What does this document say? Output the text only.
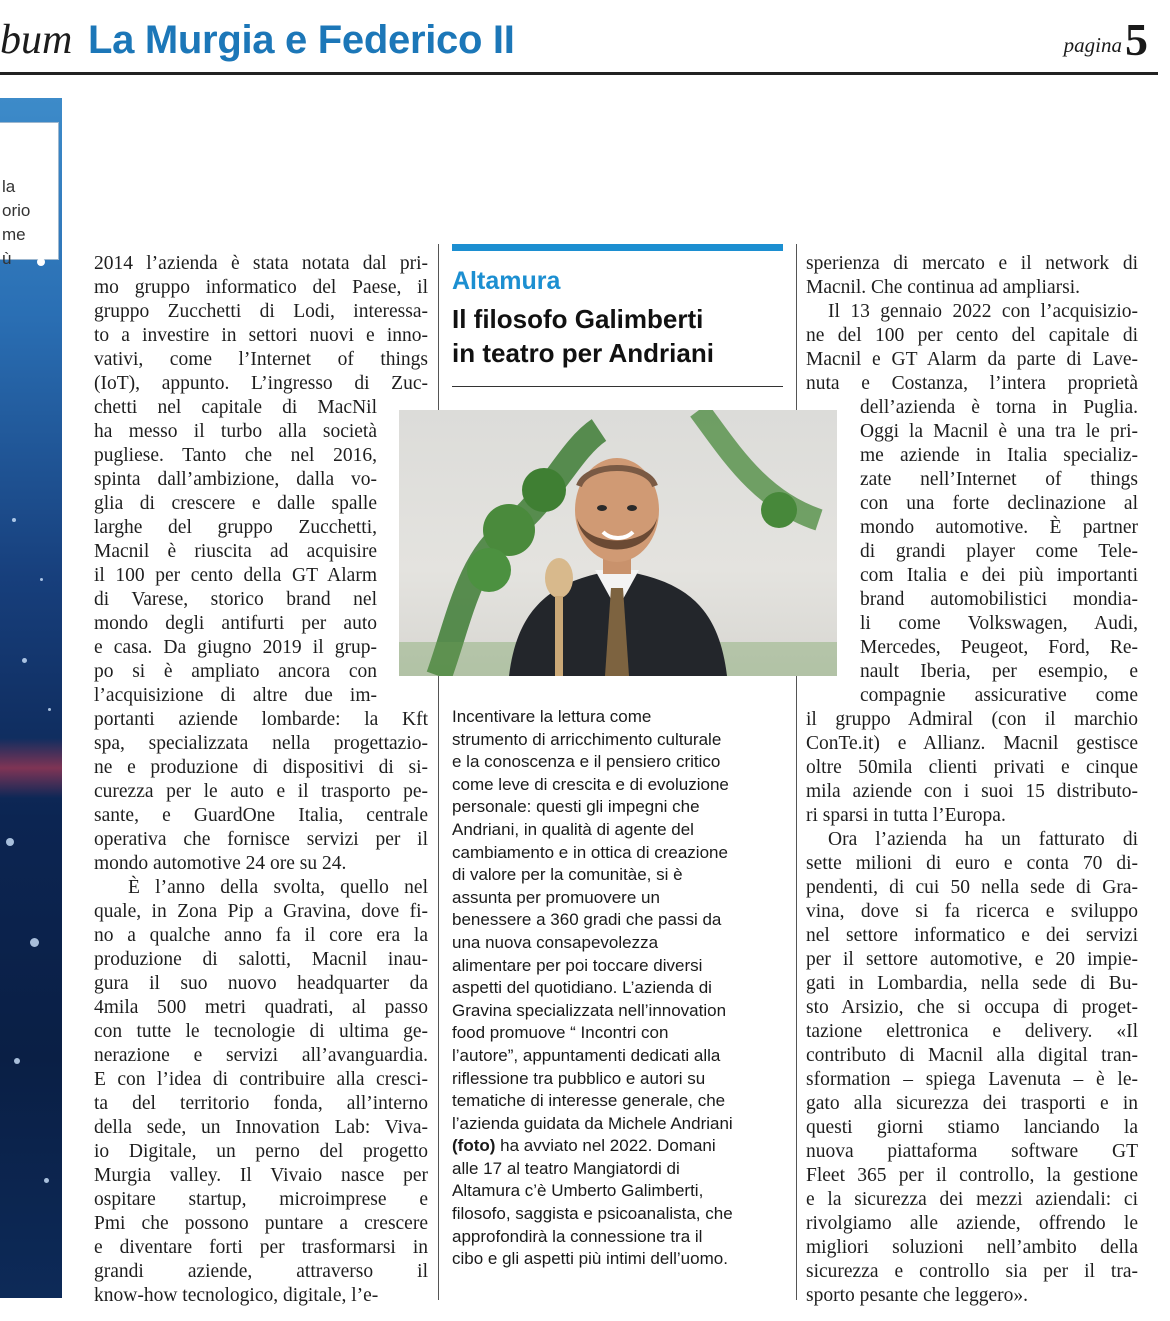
bum La Murgia e Federico II	pagina 5
la
orio
me
ù	2014 l’azienda è stata notata dal pri-
mo gruppo informatico del Paese, il
gruppo Zucchetti di Lodi, interessa-
to a investire in settori nuovi e inno-
vativi, come l’Internet of things
(IoT), appunto. L’ingresso di Zuc-
chetti nel capitale di MacNil
ha messo il turbo alla società
pugliese. Tanto che nel 2016,
spinta dall’ambizione, dalla vo-
glia di crescere e dalle spalle
larghe del gruppo Zucchetti,
Macnil è riuscita ad acquisire
il 100 per cento della GT Alarm
di Varese, storico brand nel
mondo degli antifurti per auto
e casa. Da giugno 2019 il grup-
po si è ampliato ancora con
l’acquisizione di altre due im-
portanti aziende lombarde: la Kft
spa, specializzata nella progettazio-
ne e produzione di dispositivi di si-
curezza per le auto e il trasporto pe-
sante, e GuardOne Italia, centrale
operativa che fornisce servizi per il
mondo automotive 24 ore su 24.
È l’anno della svolta, quello nel
quale, in Zona Pip a Gravina, dove fi-
no a qualche anno fa il core era la
produzione di salotti, Macnil inau-
gura il suo nuovo headquarter da
4mila 500 metri quadrati, al passo
con tutte le tecnologie di ultima ge-
nerazione e servizi all’avanguardia.
E con l’idea di contribuire alla cresci-
ta del territorio fonda, all’interno
della sede, un Innovation Lab: Viva-
io Digitale, un perno del progetto
Murgia valley. Il Vivaio nasce per
ospitare startup, microimprese e
Pmi che possono puntare a crescere
e diventare forti per trasformarsi in
grandi aziende, attraverso il
know-how tecnologico, digitale, l’e-
Altamura
Il filosofo Galimberti
in teatro per Andriani
Incentivare la lettura come
strumento di arricchimento culturale
e la conoscenza e il pensiero critico
come leve di crescita e di evoluzione
personale: questi gli impegni che
Andriani, in qualità di agente del
cambiamento e in ottica di creazione
di valore per la comunitàe, si è
assunta per promuovere un
benessere a 360 gradi che passi da
una nuova consapevolezza
alimentare per poi toccare diversi
aspetti del quotidiano. L’azienda di
Gravina specializzata nell’innovation
food promuove “ Incontri con
l’autore”, appuntamenti dedicati alla
riflessione tra pubblico e autori su
tematiche di interesse generale, che
l’azienda guidata da Michele Andriani
(foto) ha avviato nel 2022. Domani
alle 17 al teatro Mangiatordi di
Altamura c’è Umberto Galimberti,
filosofo, saggista e psicoanalista, che
approfondirà la connessione tra il
cibo e gli aspetti più intimi dell’uomo.
sperienza di mercato e il network di
Macnil. Che continua ad ampliarsi.
Il 13 gennaio 2022 con l’acquisizio-
ne del 100 per cento del capitale di
Macnil e GT Alarm da parte di Lave-
nuta e Costanza, l’intera proprietà
dell’azienda è torna in Puglia.
Oggi la Macnil è una tra le pri-
me aziende in Italia specializ-
zate nell’Internet of things
con una forte declinazione al
mondo automotive. È partner
di grandi player come Tele-
com Italia e dei più importanti
brand automobilistici mondia-
li come Volkswagen, Audi,
Mercedes, Peugeot, Ford, Re-
nault Iberia, per esempio, e
compagnie assicurative come
il gruppo Admiral (con il marchio
ConTe.it) e Allianz. Macnil gestisce
oltre 50mila clienti privati e cinque
mila aziende con i suoi 15 distributo-
ri sparsi in tutta l’Europa.
Ora l’azienda ha un fatturato di
sette milioni di euro e conta 70 di-
pendenti, di cui 50 nella sede di Gra-
vina, dove si fa ricerca e sviluppo
nel settore informatico e dei servizi
per il settore automotive, e 20 impie-
gati in Lombardia, nella sede di Bu-
sto Arsizio, che si occupa di proget-
tazione elettronica e delivery. «Il
contributo di Macnil alla digital tran-
sformation – spiega Lavenuta – è le-
gato alla sicurezza dei trasporti e in
questi giorni stiamo lanciando la
nuova piattaforma software GT
Fleet 365 per il controllo, la gestione
e la sicurezza dei mezzi aziendali: ci
rivolgiamo alle aziende, offrendo le
migliori soluzioni nell’ambito della
sicurezza e controllo sia per il tra-
sporto pesante che leggero».
